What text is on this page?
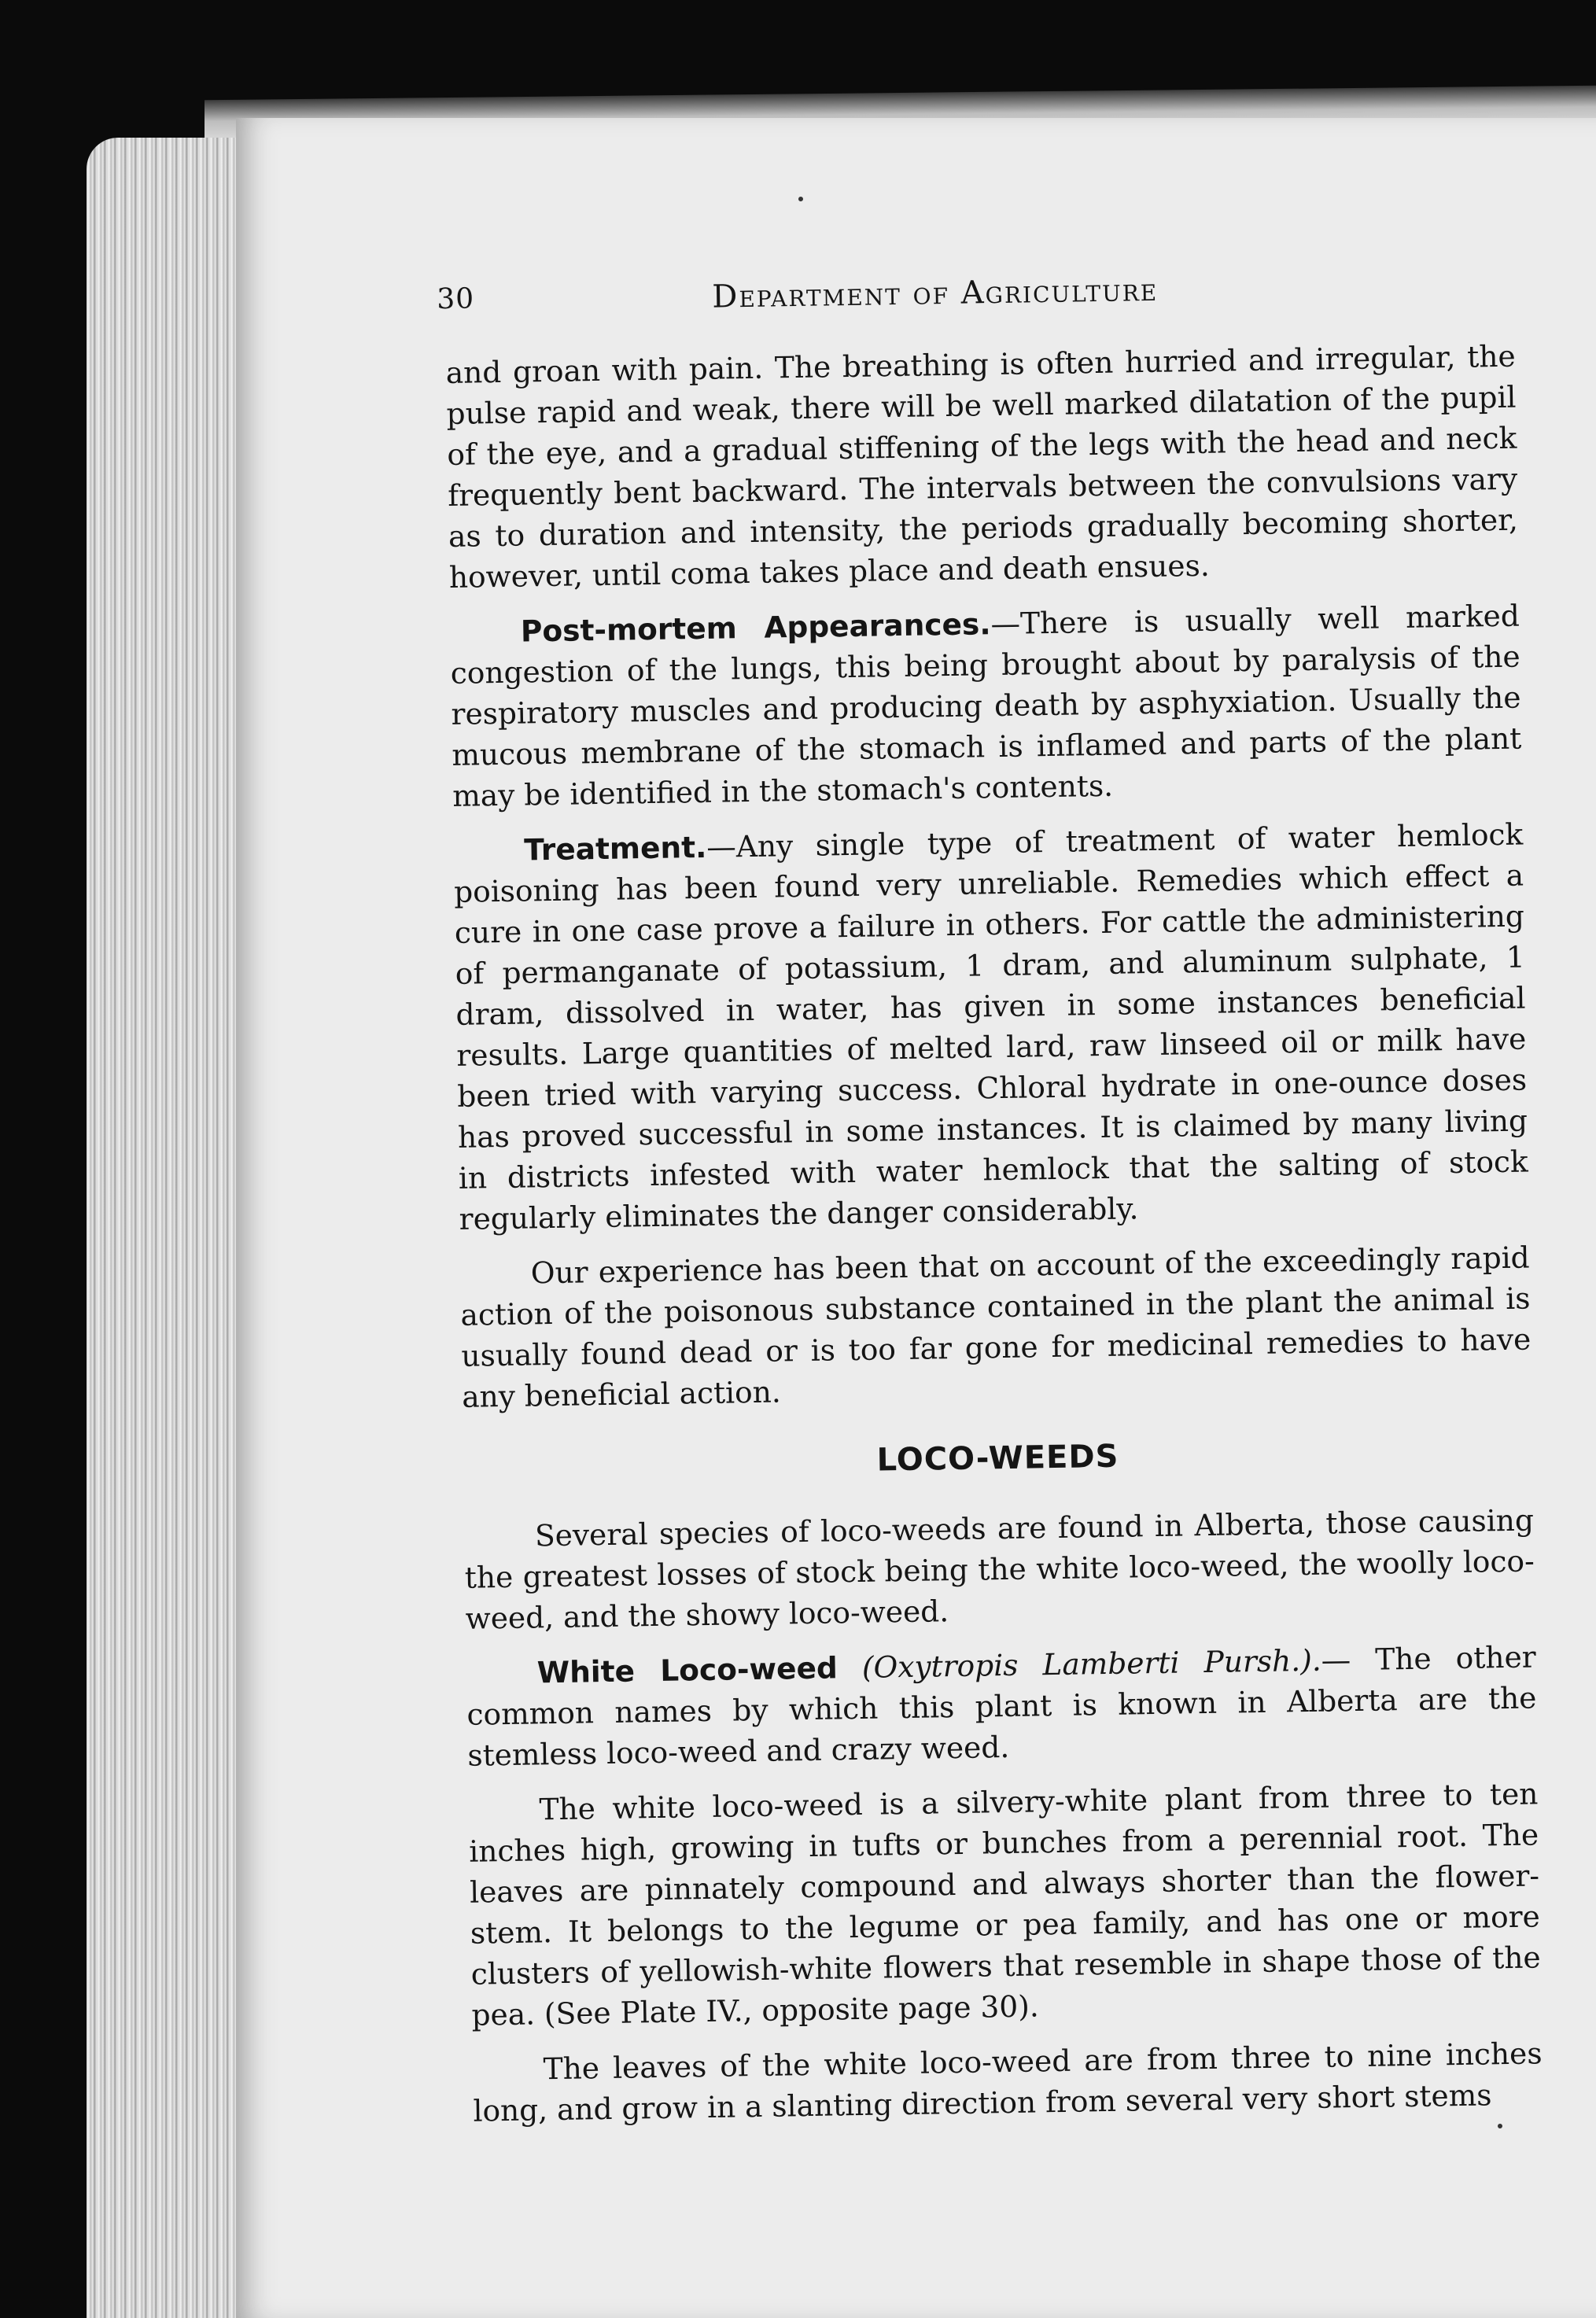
30	Department of Agriculture

and groan with pain. The breathing is often hurried and irregular, the pulse rapid and weak, there will be well marked dilatation of the pupil of the eye, and a gradual stiffening of the legs with the head and neck frequently bent backward. The intervals between the convulsions vary as to duration and intensity, the periods gradually becoming shorter, however, until coma takes place and death ensues.

Post-mortem Appearances.—There is usually well marked congestion of the lungs, this being brought about by paralysis of the respiratory muscles and producing death by asphyxiation. Usually the mucous membrane of the stomach is inflamed and parts of the plant may be identified in the stomach's contents.

Treatment.—Any single type of treatment of water hemlock poisoning has been found very unreliable. Remedies which effect a cure in one case prove a failure in others. For cattle the administering of permanganate of potassium, 1 dram, and aluminum sulphate, 1 dram, dissolved in water, has given in some instances beneficial results. Large quantities of melted lard, raw linseed oil or milk have been tried with varying success. Chloral hydrate in one-ounce doses has proved successful in some instances. It is claimed by many living in districts infested with water hemlock that the salting of stock regularly eliminates the danger considerably.

Our experience has been that on account of the exceedingly rapid action of the poisonous substance contained in the plant the animal is usually found dead or is too far gone for medicinal remedies to have any beneficial action.

LOCO-WEEDS

Several species of loco-weeds are found in Alberta, those causing the greatest losses of stock being the white loco-weed, the woolly loco-weed, and the showy loco-weed.

White Loco-weed (Oxytropis Lamberti Pursh.).— The other common names by which this plant is known in Alberta are the stemless loco-weed and crazy weed.

The white loco-weed is a silvery-white plant from three to ten inches high, growing in tufts or bunches from a perennial root. The leaves are pinnately compound and always shorter than the flower-stem. It belongs to the legume or pea family, and has one or more clusters of yellowish-white flowers that resemble in shape those of the pea. (See Plate IV., opposite page 30).

The leaves of the white loco-weed are from three to nine inches long, and grow in a slanting direction from several very short stems
